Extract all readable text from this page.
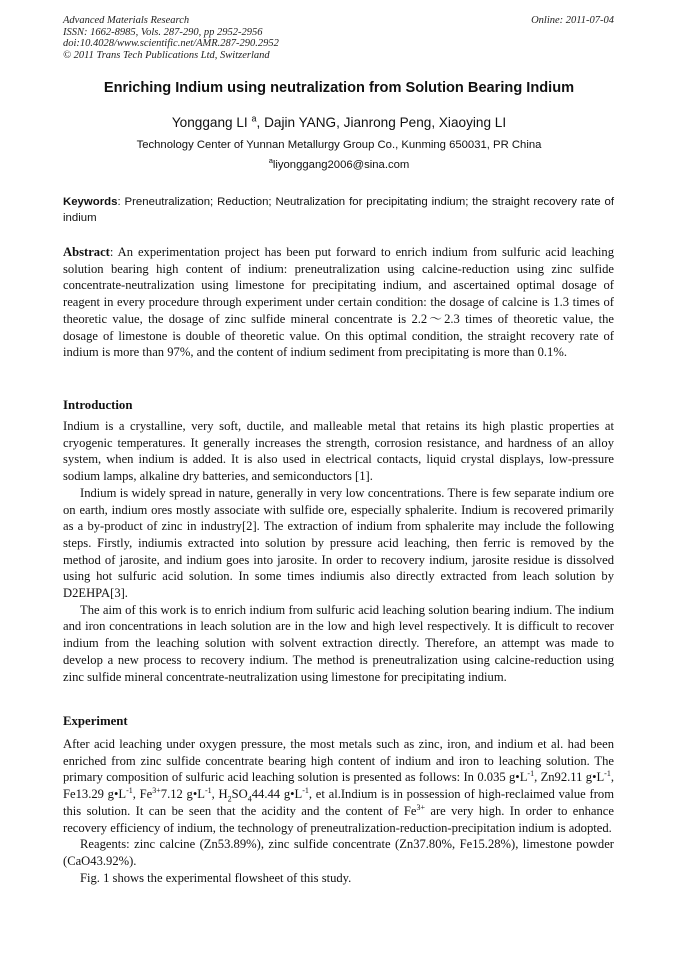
Advanced Materials Research
ISSN: 1662-8985, Vols. 287-290, pp 2952-2956
doi:10.4028/www.scientific.net/AMR.287-290.2952
© 2011 Trans Tech Publications Ltd, Switzerland
Online: 2011-07-04
Enriching Indium using neutralization from Solution Bearing Indium
Yonggang LI $^a$, Dajin YANG, Jianrong Peng, Xiaoying LI
Technology Center of Yunnan Metallurgy Group Co., Kunming 650031, PR China
$^a$liyonggang2006@sina.com
Keywords: Preneutralization; Reduction; Neutralization for precipitating indium; the straight recovery rate of indium
Abstract: An experimentation project has been put forward to enrich indium from sulfuric acid leaching solution bearing high content of indium: preneutralization using calcine-reduction using zinc sulfide concentrate-neutralization using limestone for precipitating indium, and ascertained optimal dosage of reagent in every procedure through experiment under certain condition: the dosage of calcine is 1.3 times of theoretic value, the dosage of zinc sulfide mineral concentrate is 2.2～2.3 times of theoretic value, the dosage of limestone is double of theoretic value. On this optimal condition, the straight recovery rate of indium is more than 97%, and the content of indium sediment from precipitating is more than 0.1%.
Introduction

Indium is a crystalline, very soft, ductile, and malleable metal that retains its high plastic properties at cryogenic temperatures. It generally increases the strength, corrosion resistance, and hardness of an alloy system, when indium is added. It is also used in electrical contacts, liquid crystal displays, low-pressure sodium lamps, alkaline dry batteries, and semiconductors [1].

Indium is widely spread in nature, generally in very low concentrations. There is few separate indium ore on earth, indium ores mostly associate with sulfide ore, especially sphalerite. Indium is recovered primarily as a by-product of zinc in industry[2]. The extraction of indium from sphalerite may include the following steps. Firstly, indiumis extracted into solution by pressure acid leaching, then ferric is removed by the method of jarosite, and indium goes into jarosite. In order to recovery indium, jarosite residue is dissolved using hot sulfuric acid solution. In some times indiumis also directly extracted from leach solution by D2EHPA[3].

The aim of this work is to enrich indium from sulfuric acid leaching solution bearing indium. The indium and iron concentrations in leach solution are in the low and high level respectively. It is difficult to recover indium from the leaching solution with solvent extraction directly. Therefore, an attempt was made to develop a new process to recovery indium. The method is preneutralization using calcine-reduction using zinc sulfide mineral concentrate-neutralization using limestone for precipitating indium.

Experiment

After acid leaching under oxygen pressure, the most metals such as zinc, iron, and indium et al. had been enriched from zinc sulfide concentrate bearing high content of indium and iron to leaching solution. The primary composition of sulfuric acid leaching solution is presented as follows: In 0.035 $g•L^{-1}$, Zn92.11 $g•L^{-1}$, Fe13.29 $g•L^{-1}$, $Fe^{3+}7.12$ $g•L^{-1}$, $H_2SO_444.44$ $g•L^{-1}$, et al.Indium is in possession of high-reclaimed value from this solution. It can be seen that the acidity and the content of $Fe^{3+}$ are very high. In order to enhance recovery efficiency of indium, the technology of preneutralization-reduction-precipitation indium is adopted.

Reagents: zinc calcine (Zn53.89%), zinc sulfide concentrate (Zn37.80%, Fe15.28%), limestone powder (CaO43.92%).

Fig. 1 shows the experimental flowsheet of this study.
